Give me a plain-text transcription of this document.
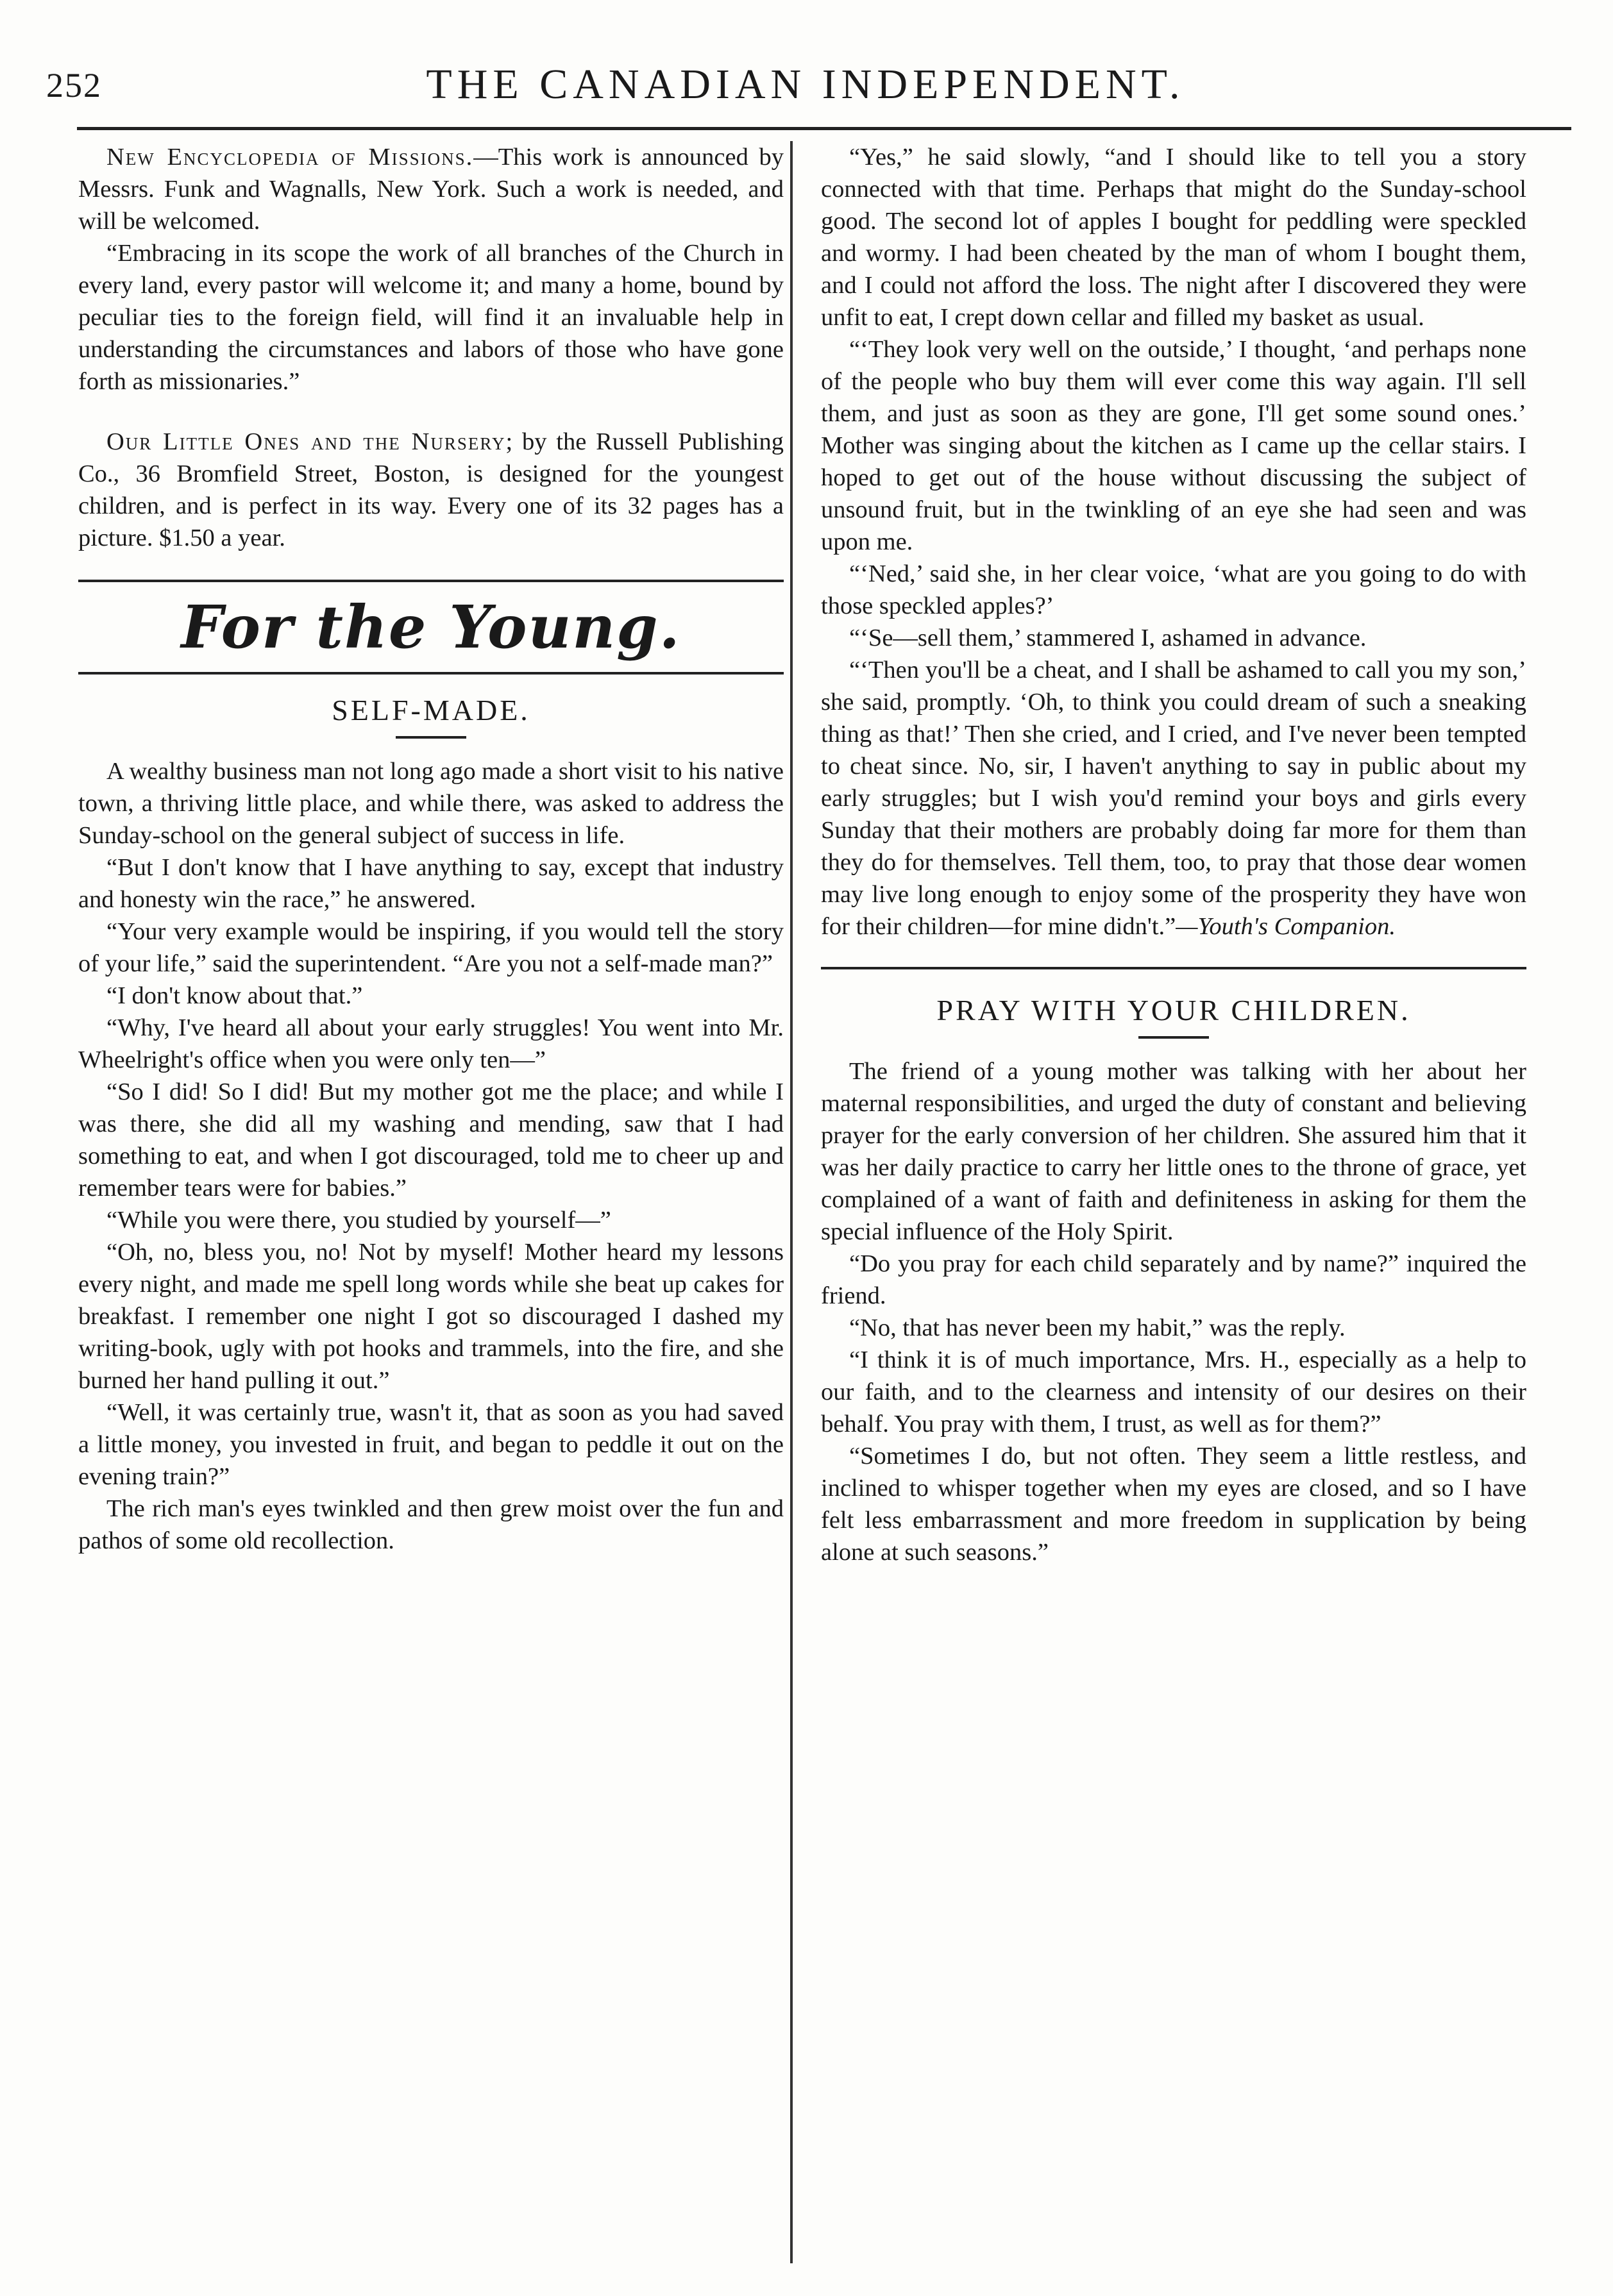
252	THE CANADIAN INDEPENDENT.

New Encyclopedia of Missions.—This work is announced by Messrs. Funk and Wagnalls, New York. Such a work is needed, and will be welcomed.

“Embracing in its scope the work of all branches of the Church in every land, every pastor will welcome it; and many a home, bound by peculiar ties to the foreign field, will find it an invaluable help in understanding the circumstances and labors of those who have gone forth as missionaries.”

Our Little Ones and the Nursery; by the Russell Publishing Co., 36 Bromfield Street, Boston, is designed for the youngest children, and is perfect in its way. Every one of its 32 pages has a picture. $1.50 a year.

For the Young.
SELF-MADE.

A wealthy business man not long ago made a short visit to his native town, a thriving little place, and while there, was asked to address the Sunday-school on the general subject of success in life.

“But I don't know that I have anything to say, except that industry and honesty win the race,” he answered.

“Your very example would be inspiring, if you would tell the story of your life,” said the superintendent. “Are you not a self-made man?”

“I don't know about that.”

“Why, I've heard all about your early struggles! You went into Mr. Wheelright's office when you were only ten—”

“So I did! So I did! But my mother got me the place; and while I was there, she did all my washing and mending, saw that I had something to eat, and when I got discouraged, told me to cheer up and remember tears were for babies.”

“While you were there, you studied by yourself—”

“Oh, no, bless you, no! Not by myself! Mother heard my lessons every night, and made me spell long words while she beat up cakes for breakfast. I remember one night I got so discouraged I dashed my writing-book, ugly with pot hooks and trammels, into the fire, and she burned her hand pulling it out.”

“Well, it was certainly true, wasn't it, that as soon as you had saved a little money, you invested in fruit, and began to peddle it out on the evening train?”

The rich man's eyes twinkled and then grew moist over the fun and pathos of some old recollection.

“Yes,” he said slowly, “and I should like to tell you a story connected with that time. Perhaps that might do the Sunday-school good. The second lot of apples I bought for peddling were speckled and wormy. I had been cheated by the man of whom I bought them, and I could not afford the loss. The night after I discovered they were unfit to eat, I crept down cellar and filled my basket as usual.

“‘They look very well on the outside,’ I thought, ‘and perhaps none of the people who buy them will ever come this way again. I'll sell them, and just as soon as they are gone, I'll get some sound ones.’ Mother was singing about the kitchen as I came up the cellar stairs. I hoped to get out of the house without discussing the subject of unsound fruit, but in the twinkling of an eye she had seen and was upon me.

“‘Ned,’ said she, in her clear voice, ‘what are you going to do with those speckled apples?’

“‘Se—sell them,’ stammered I, ashamed in advance.

“‘Then you'll be a cheat, and I shall be ashamed to call you my son,’ she said, promptly. ‘Oh, to think you could dream of such a sneaking thing as that!’ Then she cried, and I cried, and I've never been tempted to cheat since. No, sir, I haven't anything to say in public about my early struggles; but I wish you'd remind your boys and girls every Sunday that their mothers are probably doing far more for them than they do for themselves. Tell them, too, to pray that those dear women may live long enough to enjoy some of the prosperity they have won for their children—for mine didn't.”—Youth's Companion.

PRAY WITH YOUR CHILDREN.

The friend of a young mother was talking with her about her maternal responsibilities, and urged the duty of constant and believing prayer for the early conversion of her children. She assured him that it was her daily practice to carry her little ones to the throne of grace, yet complained of a want of faith and definiteness in asking for them the special influence of the Holy Spirit.

“Do you pray for each child separately and by name?” inquired the friend.

“No, that has never been my habit,” was the reply.

“I think it is of much importance, Mrs. H., especially as a help to our faith, and to the clearness and intensity of our desires on their behalf. You pray with them, I trust, as well as for them?”

“Sometimes I do, but not often. They seem a little restless, and inclined to whisper together when my eyes are closed, and so I have felt less embarrassment and more freedom in supplication by being alone at such seasons.”
